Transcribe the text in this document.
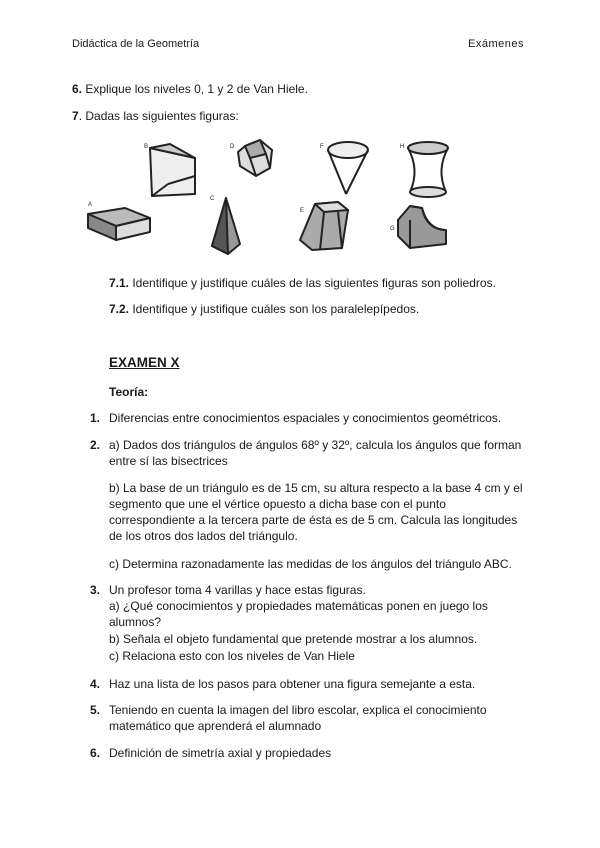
Didáctica de la Geometría	Exámenes
6. Explique los niveles 0, 1 y 2 de Van Hiele.
7. Dadas las siguientes figuras:
B	D	F	H
A
C
E
G
7.1. Identifique y justifique cuáles de las siguientes figuras son poliedros.
7.2. Identifique y justifique cuáles son los paralelepípedos.
EXAMEN X
Teoría:
1. Diferencias entre conocimientos espaciales y conocimientos geométricos.
2. a) Dados dos triángulos de ángulos 68º y 32º, calcula los ángulos que forman entre sí las bisectrices
b) La base de un triángulo es de 15 cm, su altura respecto a la base 4 cm y el segmento que une el vértice opuesto a dicha base con el punto correspondiente a la tercera parte de ésta es de 5 cm. Calcula las longitudes de los otros dos lados del triángulo.
c) Determina razonadamente las medidas de los ángulos del triángulo ABC.
3. Un profesor toma 4 varillas y hace estas figuras.
a) ¿Qué conocimientos y propiedades matemáticas ponen en juego los alumnos?
b) Señala el objeto fundamental que pretende mostrar a los alumnos.
c) Relaciona esto con los niveles de Van Hiele
4. Haz una lista de los pasos para obtener una figura semejante a esta.
5. Teniendo en cuenta la imagen del libro escolar, explica el conocimiento matemático que aprenderá el alumnado
6. Definición de simetría axial y propiedades
